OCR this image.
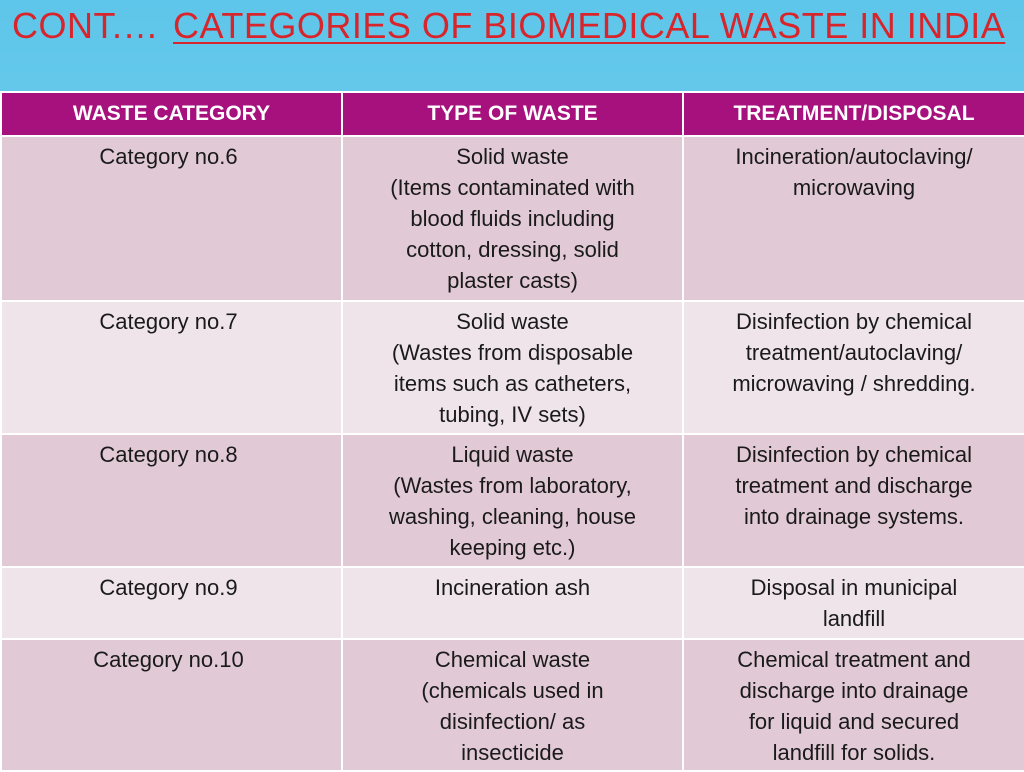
CONT.… CATEGORIES OF BIOMEDICAL WASTE IN INDIA
WASTE CATEGORY	TYPE OF WASTE	TREATMENT/DISPOSAL
Category no.6	Solid waste
(Items contaminated with
blood fluids including
cotton, dressing, solid
plaster casts)	Incineration/autoclaving/
microwaving

Category no.7	Solid waste
(Wastes from disposable
items such as catheters,
tubing, IV sets)	Disinfection by chemical
treatment/autoclaving/
microwaving / shredding.

Category no.8	Liquid waste
(Wastes from laboratory,
washing, cleaning, house
keeping etc.)	Disinfection by chemical
treatment and discharge
into drainage systems.

Category no.9	Incineration ash	Disposal in municipal
landfill

Category no.10	Chemical waste
(chemicals used in
disinfection/ as
insecticide	Chemical treatment and
discharge into drainage
for liquid and secured
landfill for solids.
